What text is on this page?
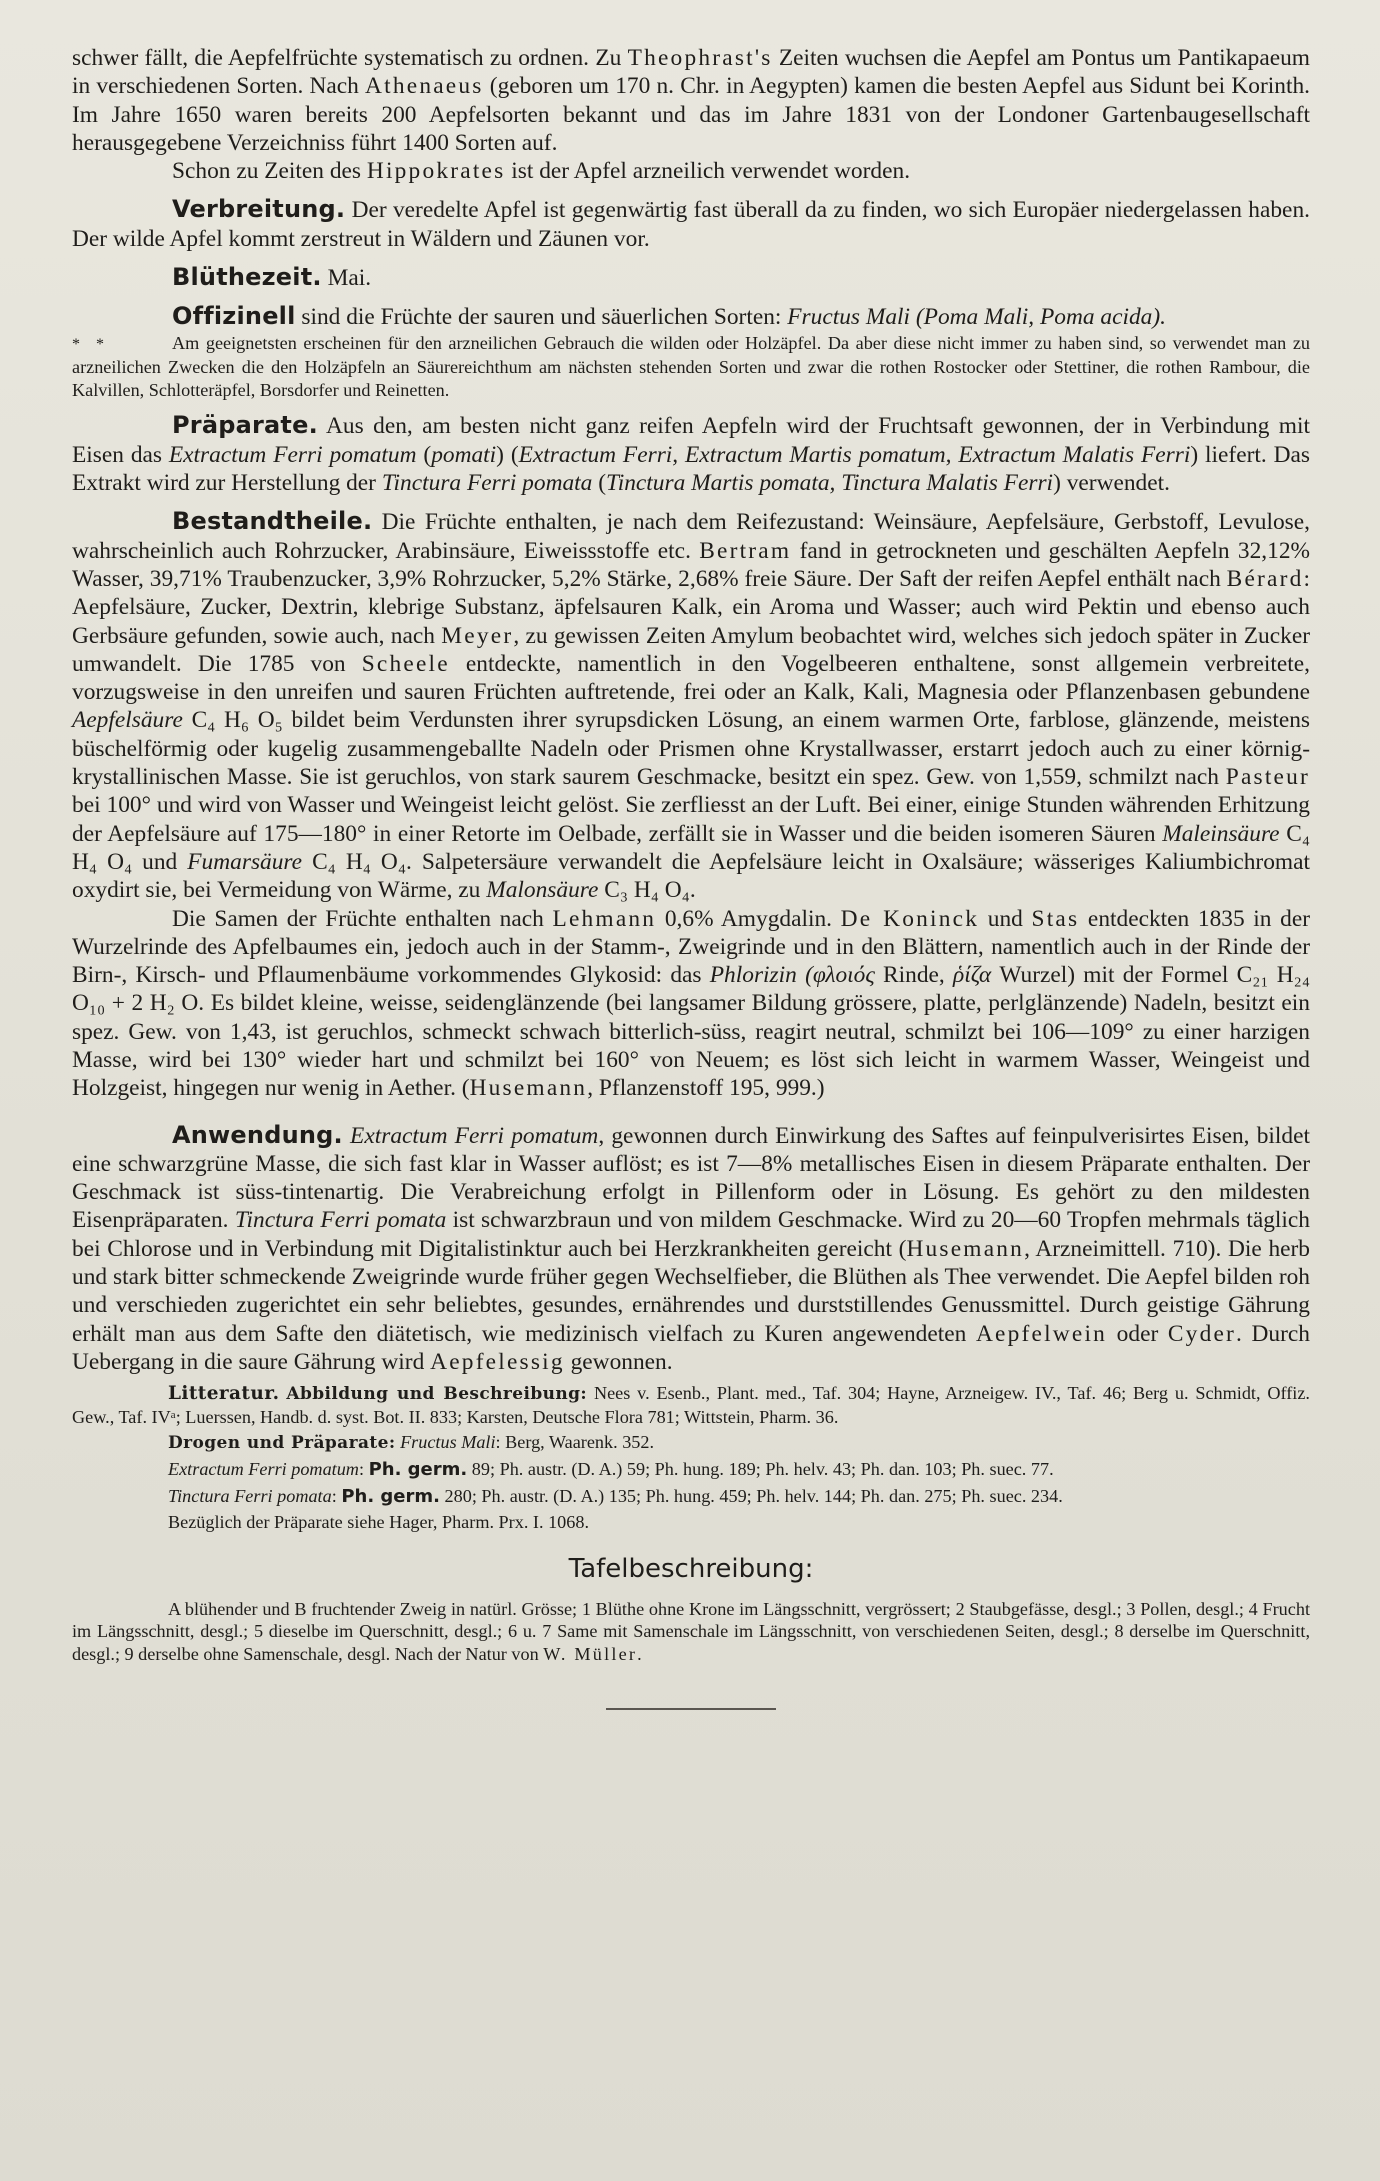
schwer fällt, die Aepfelfrüchte systematisch zu ordnen. Zu Theophrast's Zeiten wuchsen die Aepfel am Pontus um Pantikapaeum in verschiedenen Sorten. Nach Athenaeus (geboren um 170 n. Chr. in Aegypten) kamen die besten Aepfel aus Sidunt bei Korinth. Im Jahre 1650 waren bereits 200 Aepfelsorten bekannt und das im Jahre 1831 von der Londoner Gartenbaugesellschaft herausgegebene Verzeichniss führt 1400 Sorten auf.

Schon zu Zeiten des Hippokrates ist der Apfel arzneilich verwendet worden.

Verbreitung. Der veredelte Apfel ist gegenwärtig fast überall da zu finden, wo sich Europäer niedergelassen haben. Der wilde Apfel kommt zerstreut in Wäldern und Zäunen vor.

Blüthezeit. Mai.

Offizinell sind die Früchte der sauren und säuerlichen Sorten: Fructus Mali (Poma Mali, Poma acida).

* *	Am geeignetsten erscheinen für den arzneilichen Gebrauch die wilden oder Holzäpfel. Da aber diese nicht immer zu haben sind, so verwendet man zu arzneilichen Zwecken die den Holzäpfeln an Säurereichthum am nächsten stehenden Sorten und zwar die rothen Rostocker oder Stettiner, die rothen Rambour, die Kalvillen, Schlotteräpfel, Borsdorfer und Reinetten.

Präparate. Aus den, am besten nicht ganz reifen Aepfeln wird der Fruchtsaft gewonnen, der in Verbindung mit Eisen das Extractum Ferri pomatum (pomati) (Extractum Ferri, Extractum Martis pomatum, Extractum Malatis Ferri) liefert. Das Extrakt wird zur Herstellung der Tinctura Ferri pomata (Tinctura Martis pomata, Tinctura Malatis Ferri) verwendet.

Bestandtheile. Die Früchte enthalten, je nach dem Reifezustand: Weinsäure, Aepfelsäure, Gerbstoff, Levulose, wahrscheinlich auch Rohrzucker, Arabinsäure, Eiweissstoffe etc. Bertram fand in getrockneten und geschälten Aepfeln 32,12% Wasser, 39,71% Traubenzucker, 3,9% Rohrzucker, 5,2% Stärke, 2,68% freie Säure. Der Saft der reifen Aepfel enthält nach Bérard: Aepfelsäure, Zucker, Dextrin, klebrige Substanz, äpfelsauren Kalk, ein Aroma und Wasser; auch wird Pektin und ebenso auch Gerbsäure gefunden, sowie auch, nach Meyer, zu gewissen Zeiten Amylum beobachtet wird, welches sich jedoch später in Zucker umwandelt. Die 1785 von Scheele entdeckte, namentlich in den Vogelbeeren enthaltene, sonst allgemein verbreitete, vorzugsweise in den unreifen und sauren Früchten auftretende, frei oder an Kalk, Kali, Magnesia oder Pflanzenbasen gebundene Aepfelsäure C₄ H₆ O₅ bildet beim Verdunsten ihrer syrupsdicken Lösung, an einem warmen Orte, farblose, glänzende, meistens büschelförmig oder kugelig zusammengeballte Nadeln oder Prismen ohne Krystallwasser, erstarrt jedoch auch zu einer körnig-krystallinischen Masse. Sie ist geruchlos, von stark saurem Geschmacke, besitzt ein spez. Gew. von 1,559, schmilzt nach Pasteur bei 100° und wird von Wasser und Weingeist leicht gelöst. Sie zerfliesst an der Luft. Bei einer, einige Stunden währenden Erhitzung der Aepfelsäure auf 175—180° in einer Retorte im Oelbade, zerfällt sie in Wasser und die beiden isomeren Säuren Maleinsäure C₄ H₄ O₄ und Fumarsäure C₄ H₄ O₄. Salpetersäure verwandelt die Aepfelsäure leicht in Oxalsäure; wässeriges Kaliumbichromat oxydirt sie, bei Vermeidung von Wärme, zu Malonsäure C₃ H₄ O₄.

Die Samen der Früchte enthalten nach Lehmann 0,6% Amygdalin. De Koninck und Stas entdeckten 1835 in der Wurzelrinde des Apfelbaumes ein, jedoch auch in der Stamm-, Zweigrinde und in den Blättern, namentlich auch in der Rinde der Birn-, Kirsch- und Pflaumenbäume vorkommendes Glykosid: das Phlorizin (φλοιός Rinde, ῥίζα Wurzel) mit der Formel C₂₁ H₂₄ O₁₀ + 2 H₂ O. Es bildet kleine, weisse, seidenglänzende (bei langsamer Bildung grössere, platte, perlglänzende) Nadeln, besitzt ein spez. Gew. von 1,43, ist geruchlos, schmeckt schwach bitterlich-süss, reagirt neutral, schmilzt bei 106—109° zu einer harzigen Masse, wird bei 130° wieder hart und schmilzt bei 160° von Neuem; es löst sich leicht in warmem Wasser, Weingeist und Holzgeist, hingegen nur wenig in Aether. (Husemann, Pflanzenstoff 195, 999.)

Anwendung. Extractum Ferri pomatum, gewonnen durch Einwirkung des Saftes auf feinpulverisirtes Eisen, bildet eine schwarzgrüne Masse, die sich fast klar in Wasser auflöst; es ist 7—8% metallisches Eisen in diesem Präparate enthalten. Der Geschmack ist süss-tintenartig. Die Verabreichung erfolgt in Pillenform oder in Lösung. Es gehört zu den mildesten Eisenpräparaten. Tinctura Ferri pomata ist schwarzbraun und von mildem Geschmacke. Wird zu 20—60 Tropfen mehrmals täglich bei Chlorose und in Verbindung mit Digitalistinktur auch bei Herzkrankheiten gereicht (Husemann, Arzneimittell. 710). Die herb und stark bitter schmeckende Zweigrinde wurde früher gegen Wechselfieber, die Blüthen als Thee verwendet. Die Aepfel bilden roh und verschieden zugerichtet ein sehr beliebtes, gesundes, ernährendes und durststillendes Genussmittel. Durch geistige Gährung erhält man aus dem Safte den diätetisch, wie medizinisch vielfach zu Kuren angewendeten Aepfelwein oder Cyder. Durch Uebergang in die saure Gährung wird Aepfelessig gewonnen.

Litteratur. Abbildung und Beschreibung: Nees v. Esenb., Plant. med., Taf. 304; Hayne, Arzneigew. IV., Taf. 46; Berg u. Schmidt, Offiz. Gew., Taf. IVᵃ; Luerssen, Handb. d. syst. Bot. II. 833; Karsten, Deutsche Flora 781; Wittstein, Pharm. 36.

Drogen und Präparate: Fructus Mali: Berg, Waarenk. 352.

Extractum Ferri pomatum: Ph. germ. 89; Ph. austr. (D. A.) 59; Ph. hung. 189; Ph. helv. 43; Ph. dan. 103; Ph. suec. 77.

Tinctura Ferri pomata: Ph. germ. 280; Ph. austr. (D. A.) 135; Ph. hung. 459; Ph. helv. 144; Ph. dan. 275; Ph. suec. 234.

Bezüglich der Präparate siehe Hager, Pharm. Prx. I. 1068.

Tafelbeschreibung:

A blühender und B fruchtender Zweig in natürl. Grösse; 1 Blüthe ohne Krone im Längsschnitt, vergrössert; 2 Staubgefässe, desgl.; 3 Pollen, desgl.; 4 Frucht im Längsschnitt, desgl.; 5 dieselbe im Querschnitt, desgl.; 6 u. 7 Same mit Samenschale im Längsschnitt, von verschiedenen Seiten, desgl.; 8 derselbe im Querschnitt, desgl.; 9 derselbe ohne Samenschale, desgl. Nach der Natur von W. Müller.
